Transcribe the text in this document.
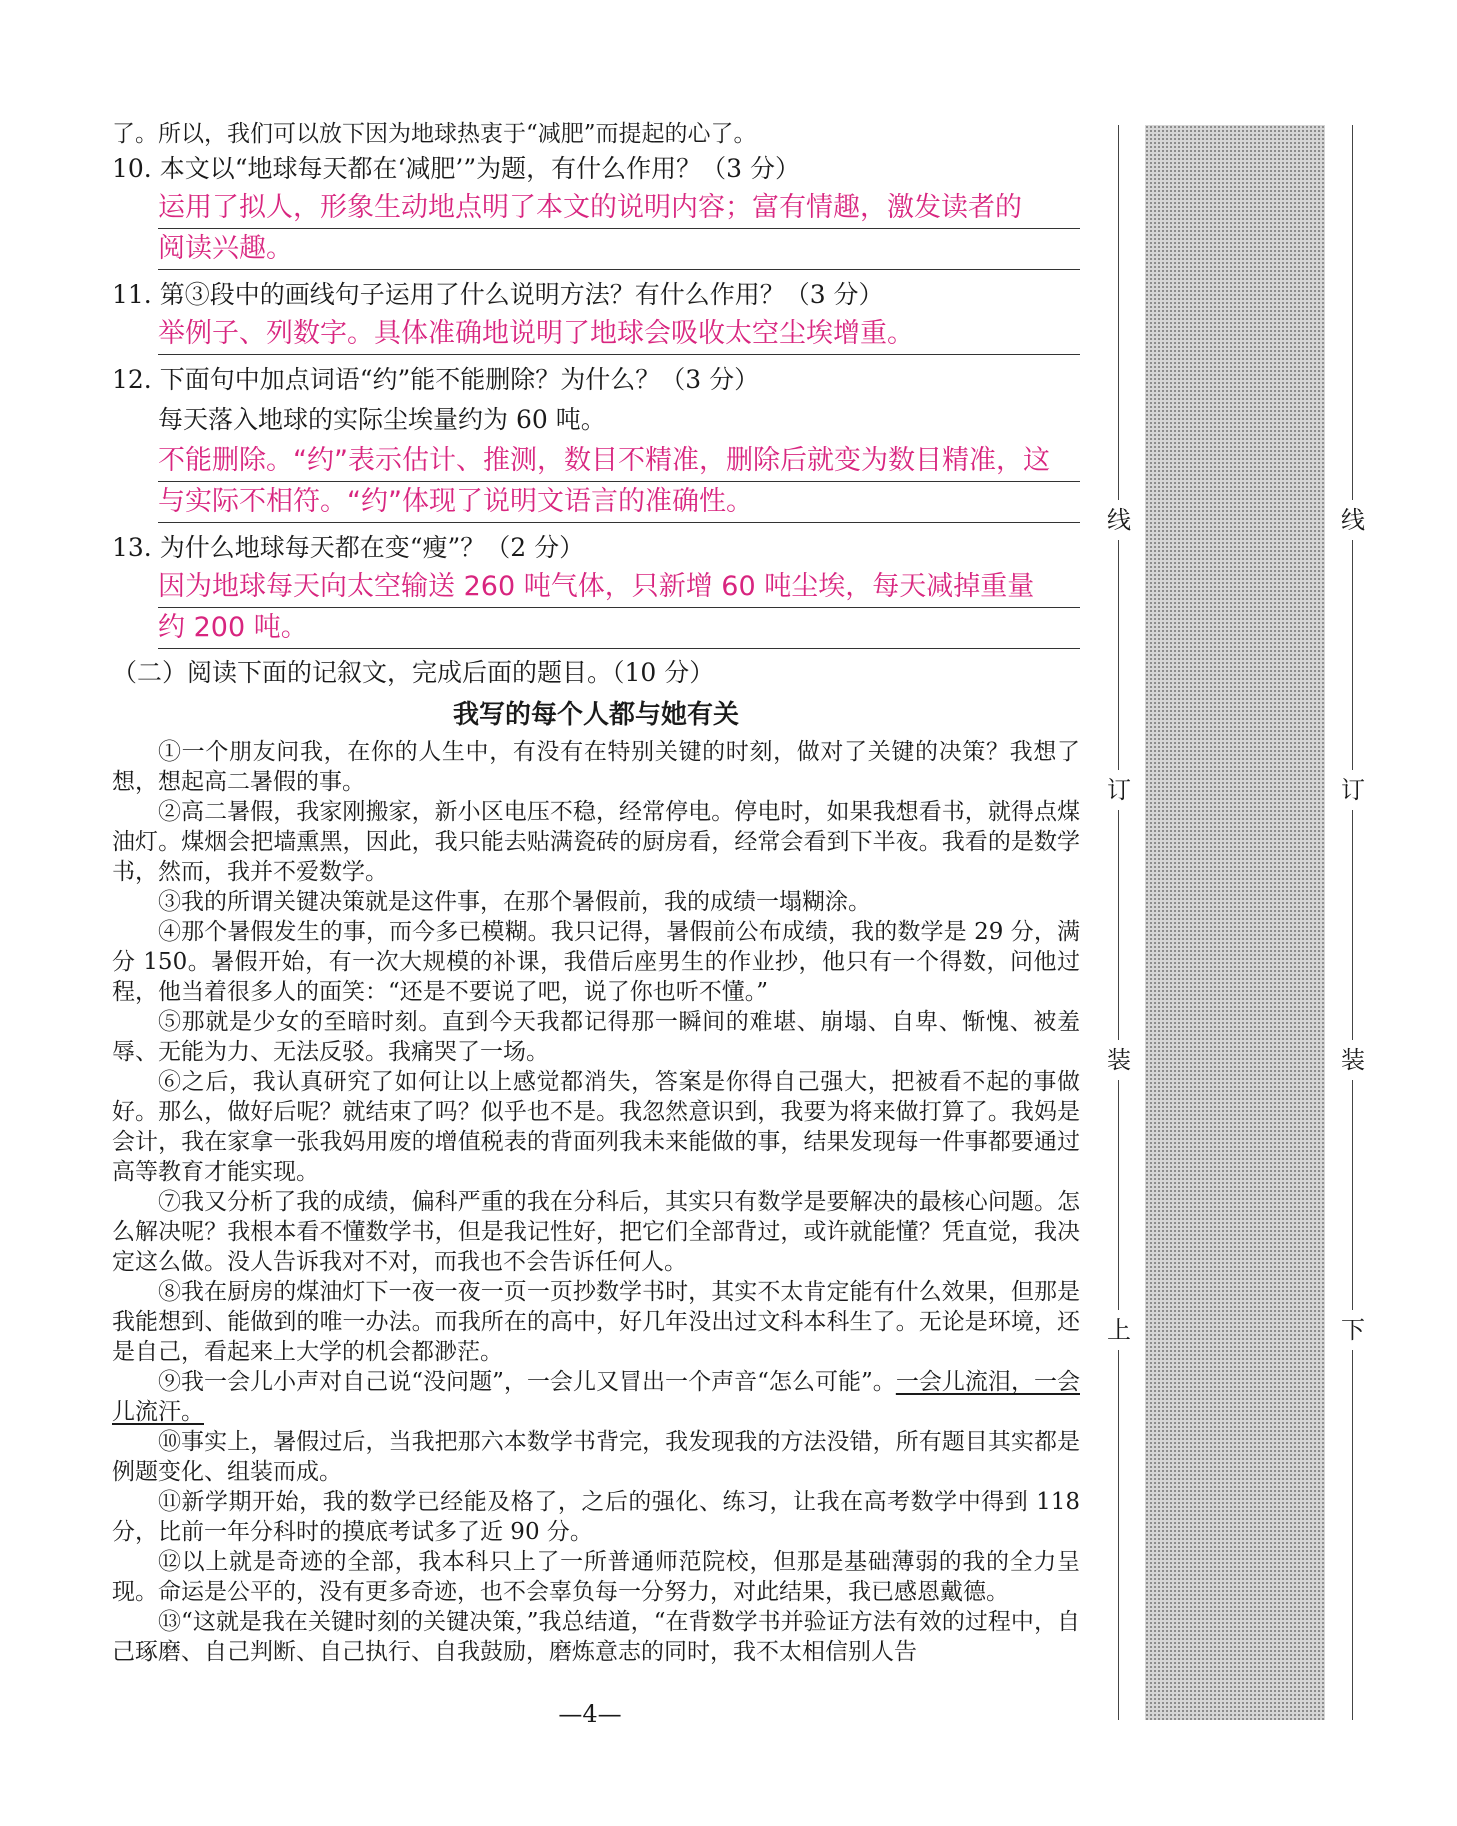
了。所以，我们可以放下因为地球热衷于“减肥”而提起的心了。

10. 本文以“地球每天都在‘减肥’”为题，有什么作用？（3 分）

运用了拟人，形象生动地点明了本文的说明内容；富有情趣，激发读者的

阅读兴趣。

11. 第③段中的画线句子运用了什么说明方法？有什么作用？（3 分）

举例子、列数字。具体准确地说明了地球会吸收太空尘埃增重。

12. 下面句中加点词语“约”能不能删除？为什么？（3 分）

每天落入地球的实际尘埃量约为 60 吨。

不能删除。“约”表示估计、推测，数目不精准，删除后就变为数目精准，这

与实际不相符。“约”体现了说明文语言的准确性。

13. 为什么地球每天都在变“瘦”？（2 分）

因为地球每天向太空输送 260 吨气体，只新增 60 吨尘埃，每天减掉重量

约 200 吨。

（二）阅读下面的记叙文，完成后面的题目。（10 分）

我写的每个人都与她有关

①一个朋友问我，在你的人生中，有没有在特别关键的时刻，做对了关键的决策？我想了想，想起高二暑假的事。

②高二暑假，我家刚搬家，新小区电压不稳，经常停电。停电时，如果我想看书，就得点煤油灯。煤烟会把墙熏黑，因此，我只能去贴满瓷砖的厨房看，经常会看到下半夜。我看的是数学书，然而，我并不爱数学。

③我的所谓关键决策就是这件事，在那个暑假前，我的成绩一塌糊涂。

④那个暑假发生的事，而今多已模糊。我只记得，暑假前公布成绩，我的数学是 29 分，满分 150。暑假开始，有一次大规模的补课，我借后座男生的作业抄，他只有一个得数，问他过程，他当着很多人的面笑：“还是不要说了吧，说了你也听不懂。”

⑤那就是少女的至暗时刻。直到今天我都记得那一瞬间的难堪、崩塌、自卑、惭愧、被羞辱、无能为力、无法反驳。我痛哭了一场。

⑥之后，我认真研究了如何让以上感觉都消失，答案是你得自己强大，把被看不起的事做好。那么，做好后呢？就结束了吗？似乎也不是。我忽然意识到，我要为将来做打算了。我妈是会计，我在家拿一张我妈用废的增值税表的背面列我未来能做的事，结果发现每一件事都要通过高等教育才能实现。

⑦我又分析了我的成绩，偏科严重的我在分科后，其实只有数学是要解决的最核心问题。怎么解决呢？我根本看不懂数学书，但是我记性好，把它们全部背过，或许就能懂？凭直觉，我决定这么做。没人告诉我对不对，而我也不会告诉任何人。

⑧我在厨房的煤油灯下一夜一夜一页一页抄数学书时，其实不太肯定能有什么效果，但那是我能想到、能做到的唯一办法。而我所在的高中，好几年没出过文科本科生了。无论是环境，还是自己，看起来上大学的机会都渺茫。

⑨我一会儿小声对自己说“没问题”，一会儿又冒出一个声音“怎么可能”。一会儿流泪，一会儿流汗。

⑩事实上，暑假过后，当我把那六本数学书背完，我发现我的方法没错，所有题目其实都是例题变化、组装而成。

⑪新学期开始，我的数学已经能及格了，之后的强化、练习，让我在高考数学中得到 118 分，比前一年分科时的摸底考试多了近 90 分。

⑫以上就是奇迹的全部，我本科只上了一所普通师范院校，但那是基础薄弱的我的全力呈现。命运是公平的，没有更多奇迹，也不会辜负每一分努力，对此结果，我已感恩戴德。

⑬“这就是我在关键时刻的关键决策，”我总结道，“在背数学书并验证方法有效的过程中，自己琢磨、自己判断、自己执行、自我鼓励，磨炼意志的同时，我不太相信别人告

—4—
线
订
装
上
线
订
装
下
